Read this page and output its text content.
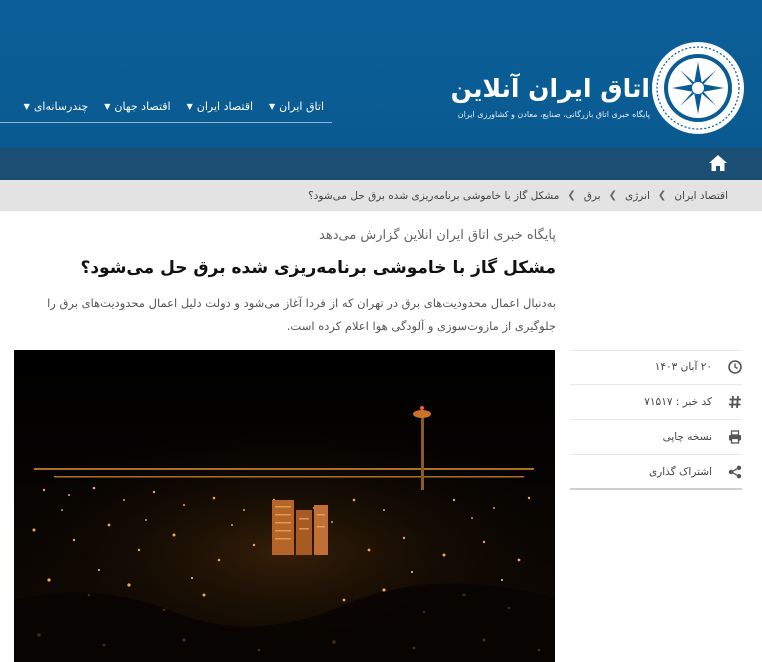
اتاق ایران آنلاین
پایگاه خبری اتاق بازرگانی، صنایع، معادن و کشاورزی ایران
اتاق ایران
▼
اقتصاد ایران
▼
اقتصاد جهان
▼
چندرسانه‌ای
▼
اقتصاد ایران
❯
انرژی
❯
برق
❯
مشکل گاز با خاموشی برنامه‌ریزی شده برق حل می‌شود؟
پایگاه خبری اتاق ایران انلاین گزارش می‌دهد
مشکل گاز با خاموشی برنامه‌ریزی شده برق حل می‌شود؟
به‌دنبال اعمال محدودیت‌های برق در تهران که از فردا آغاز می‌شود و دولت دلیل اعمال محدودیت‌های برق را جلوگیری از مازوت‌سوزی و آلودگی هوا اعلام کرده است.
۲۰ آبان ۱۴۰۳
کد خبر : ۷۱۵۱۷
نسخه چاپی
اشتراک گذاری
